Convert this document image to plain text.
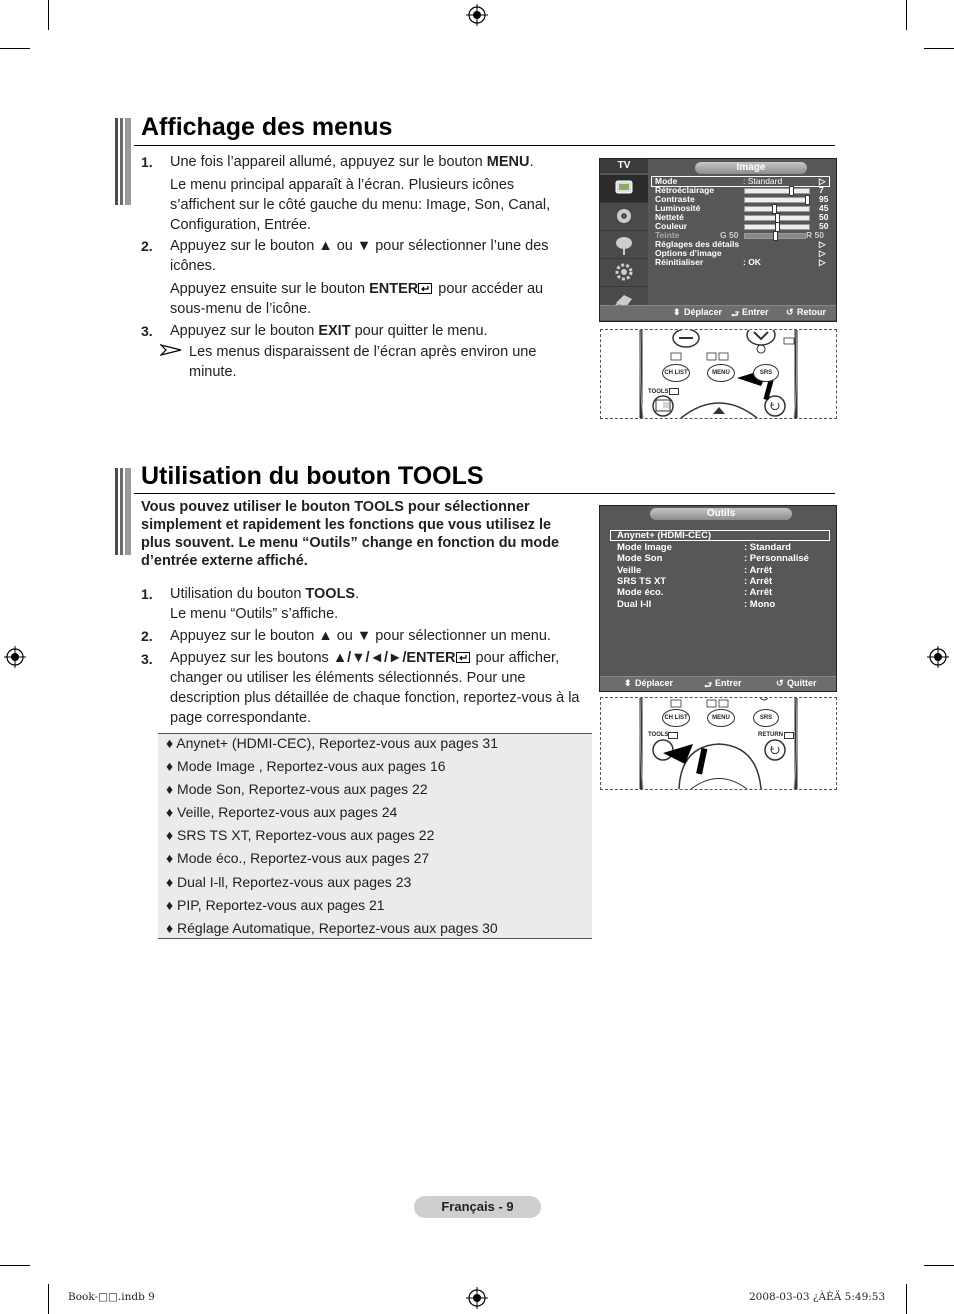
Affichage des menus
1. Une fois l’appareil allumé, appuyez sur le bouton MENU.
Le menu principal apparaît à l’écran. Plusieurs icônes s’affichent sur le côté gauche du menu: Image, Son, Canal, Configuration, Entrée.
2. Appuyez sur le bouton ▲ ou ▼ pour sélectionner l’une des icônes.
Appuyez ensuite sur le bouton ENTER pour accéder au sous-menu de l’icône.
3. Appuyez sur le bouton EXIT pour quitter le menu.
Les menus disparaissent de l’écran après environ une minute.
TV	Image
Mode	: Standard	▷
Rétroéclairage	7
Contraste	95
Luminosité	45
Netteté	50
Couleur	50
Teinte	G 50	R 50
Réglages des détails	▷
Options d’image	▷
Réinitialiser	: OK	▷
⬍ Déplacer ⮐ Entrer ↺ Retour
CH LIST	MENU	SRS
TOOLS
Utilisation du bouton TOOLS
Vous pouvez utiliser le bouton TOOLS pour sélectionner simplement et rapidement les fonctions que vous utilisez le plus souvent. Le menu “Outils” change en fonction du mode d’entrée externe affiché.
1. Utilisation du bouton TOOLS.
Le menu “Outils” s’affiche.
2. Appuyez sur le bouton ▲ ou ▼ pour sélectionner un menu.
3. Appuyez sur les boutons ▲/▼/◄/►/ENTER pour afficher, changer ou utiliser les éléments sélectionnés. Pour une description plus détaillée de chaque fonction, reportez-vous à la page correspondante.
♦ Anynet+ (HDMI-CEC), Reportez-vous aux pages 31
♦ Mode Image , Reportez-vous aux pages 16
♦ Mode Son, Reportez-vous aux pages 22
♦ Veille, Reportez-vous aux pages 24
♦ SRS TS XT, Reportez-vous aux pages 22
♦ Mode éco., Reportez-vous aux pages 27
♦ Dual I-ll, Reportez-vous aux pages 23
♦ PIP, Reportez-vous aux pages 21
♦ Réglage Automatique, Reportez-vous aux pages 30
Outils
Anynet+ (HDMI-CEC)
Mode Image	: Standard
Mode Son	: Personnalisé
Veille	: Arrêt
SRS TS XT	: Arrêt
Mode éco.	: Arrêt
Dual I-II	: Mono
⬍ Déplacer	⮐ Entrer	↺ Quitter
CH LIST	MENU	SRS
TOOLS	RETURN
Français - 9
Book-□□.indb 9	2008-03-03 ¿ÀÈÄ 5:49:53
